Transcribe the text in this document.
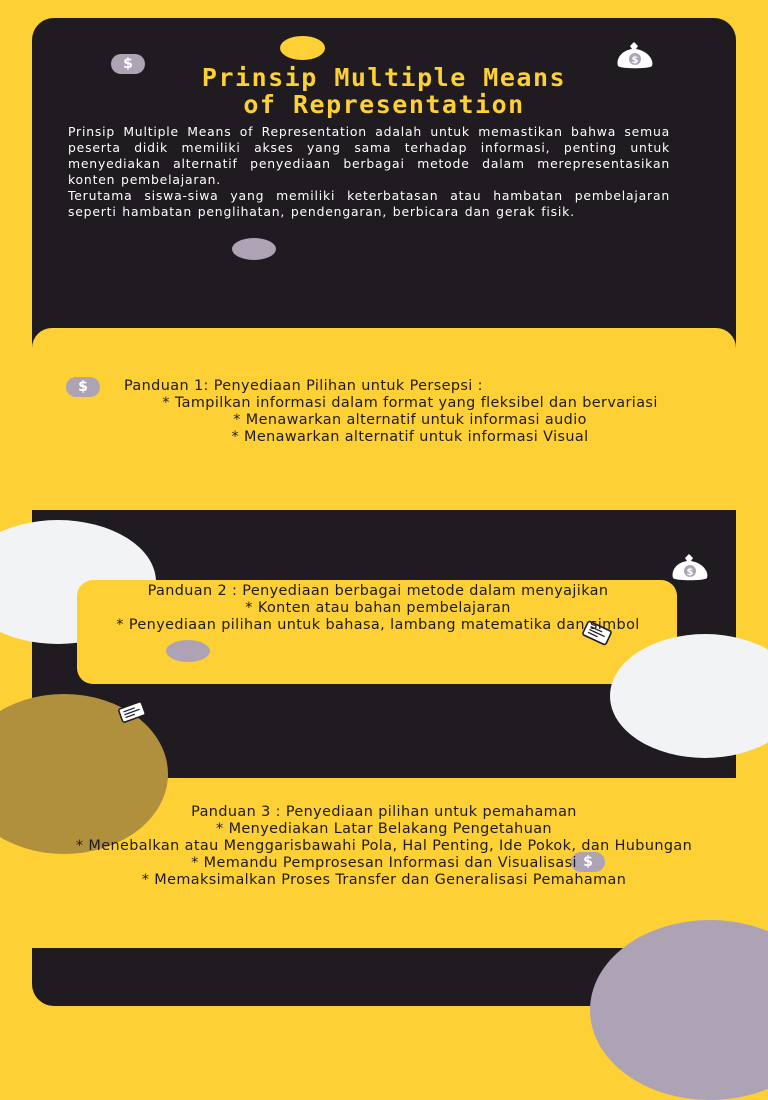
$
$
$
$
$
Prinsip Multiple Means
of Representation

Prinsip Multiple Means of Representation adalah untuk memastikan bahwa semua peserta didik memiliki akses yang sama terhadap informasi, penting untuk menyediakan alternatif penyediaan berbagai metode dalam merepresentasikan konten pembelajaran.

Terutama siswa-siwa yang memiliki keterbatasan atau hambatan pembelajaran seperti hambatan penglihatan, pendengaran, berbicara dan gerak fisik.

Panduan 1: Penyediaan Pilihan untuk Persepsi :
* Tampilkan informasi dalam format yang fleksibel dan bervariasi
* Menawarkan alternatif untuk informasi audio
* Menawarkan alternatif untuk informasi Visual
Panduan 2 : Penyediaan berbagai metode dalam menyajikan
* Konten atau bahan pembelajaran
* Penyediaan pilihan untuk bahasa, lambang matematika dan simbol
Panduan 3 : Penyediaan pilihan untuk pemahaman
* Menyediakan Latar Belakang Pengetahuan
* Menebalkan atau Menggarisbawahi Pola, Hal Penting, Ide Pokok, dan Hubungan
* Memandu Pemprosesan Informasi dan Visualisasi
* Memaksimalkan Proses Transfer dan Generalisasi Pemahaman
